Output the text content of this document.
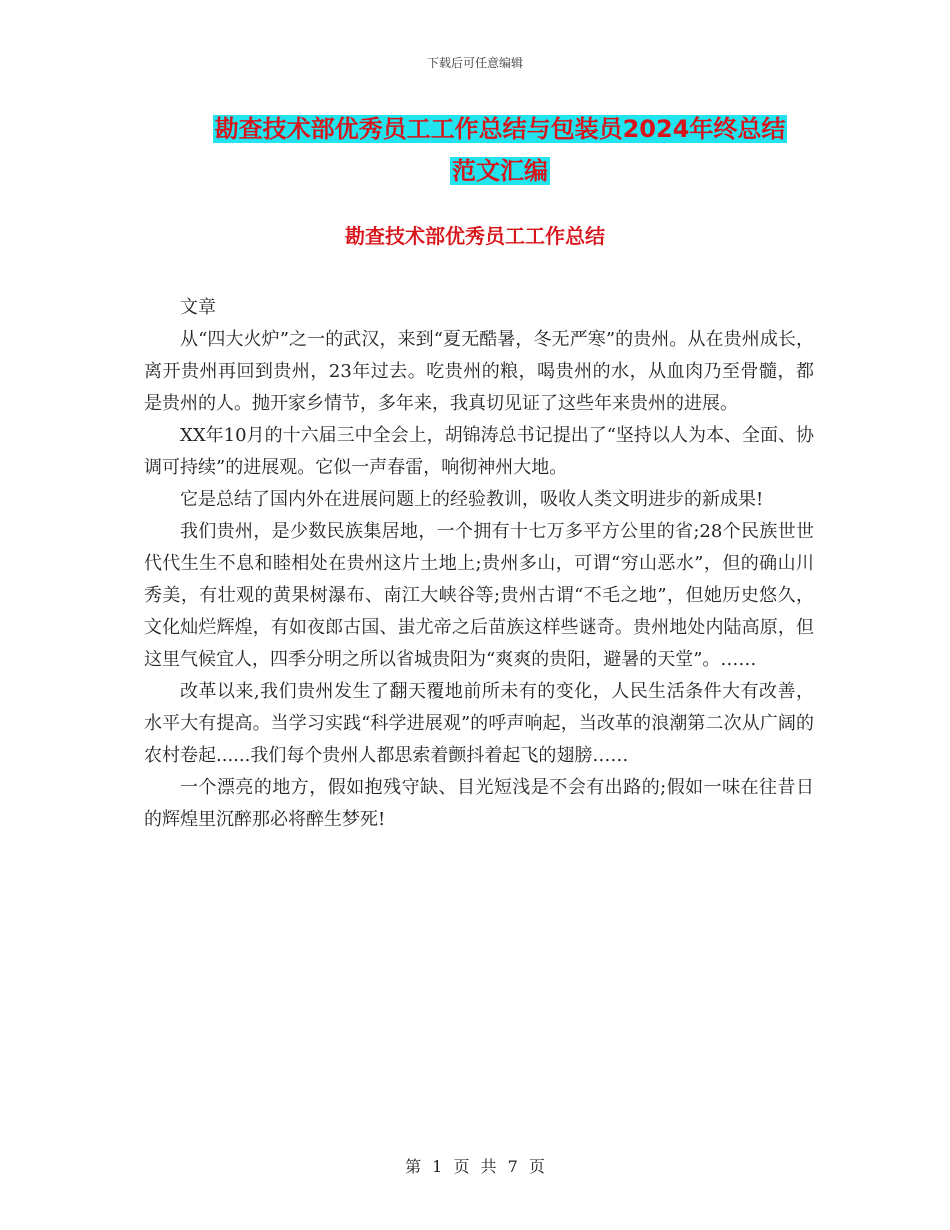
下载后可任意编辑
勘查技术部优秀员工工作总结与包装员2024年终总结
范文汇编
勘查技术部优秀员工工作总结

文章

从“四大火炉”之一的武汉，来到“夏无酷暑，冬无严寒”的贵州。从在贵州成长，离开贵州再回到贵州，23年过去。吃贵州的粮，喝贵州的水，从血肉乃至骨髓，都是贵州的人。抛开家乡情节，多年来，我真切见证了这些年来贵州的进展。

XX年10月的十六届三中全会上，胡锦涛总书记提出了“坚持以人为本、全面、协调可持续”的进展观。它似一声春雷，响彻神州大地。

它是总结了国内外在进展问题上的经验教训，吸收人类文明进步的新成果!

我们贵州，是少数民族集居地，一个拥有十七万多平方公里的省;28个民族世世代代生生不息和睦相处在贵州这片土地上;贵州多山，可谓“穷山恶水”，但的确山川秀美，有壮观的黄果树瀑布、南江大峡谷等;贵州古谓“不毛之地”，但她历史悠久，文化灿烂辉煌，有如夜郎古国、蚩尤帝之后苗族这样些谜奇。贵州地处内陆高原，但这里气候宜人，四季分明之所以省城贵阳为“爽爽的贵阳，避暑的天堂”。……

改革以来,我们贵州发生了翻天覆地前所未有的变化，人民生活条件大有改善，水平大有提高。当学习实践“科学进展观”的呼声响起，当改革的浪潮第二次从广阔的农村卷起......我们每个贵州人都思索着颤抖着起飞的翅膀……

一个漂亮的地方，假如抱残守缺、目光短浅是不会有出路的;假如一味在往昔日的辉煌里沉醉那必将醉生梦死!

第 1 页 共 7 页
